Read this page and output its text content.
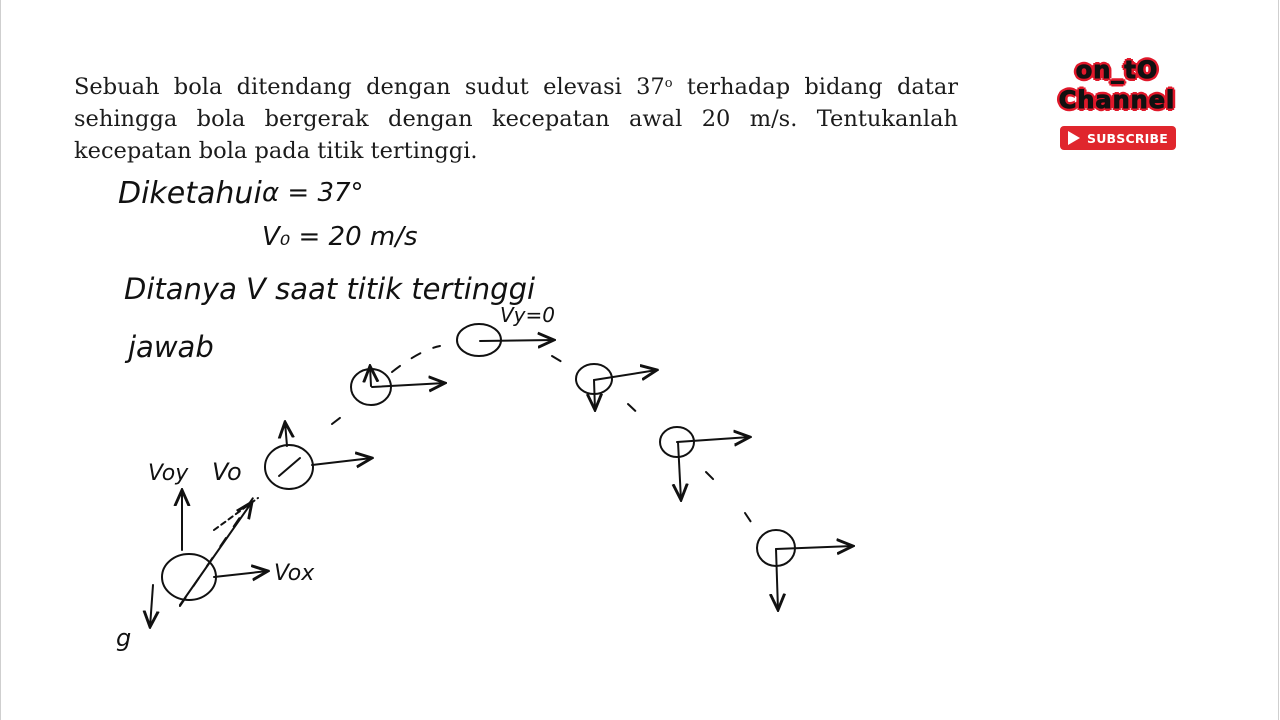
Sebuah bola ditendang dengan sudut elevasi 37$^o$ terhadap bidang datar sehingga bola bergerak dengan kecepatan awal 20 m/s. Tentukanlah kecepatan bola pada titik tertinggi.

on_tO
Channel
SUBSCRIBE
Diketahui α = 37°
V₀ = 20 m/s
Ditanya V saat titik tertinggi
jawab
Voy Vo
Vox
g
Vy=0
